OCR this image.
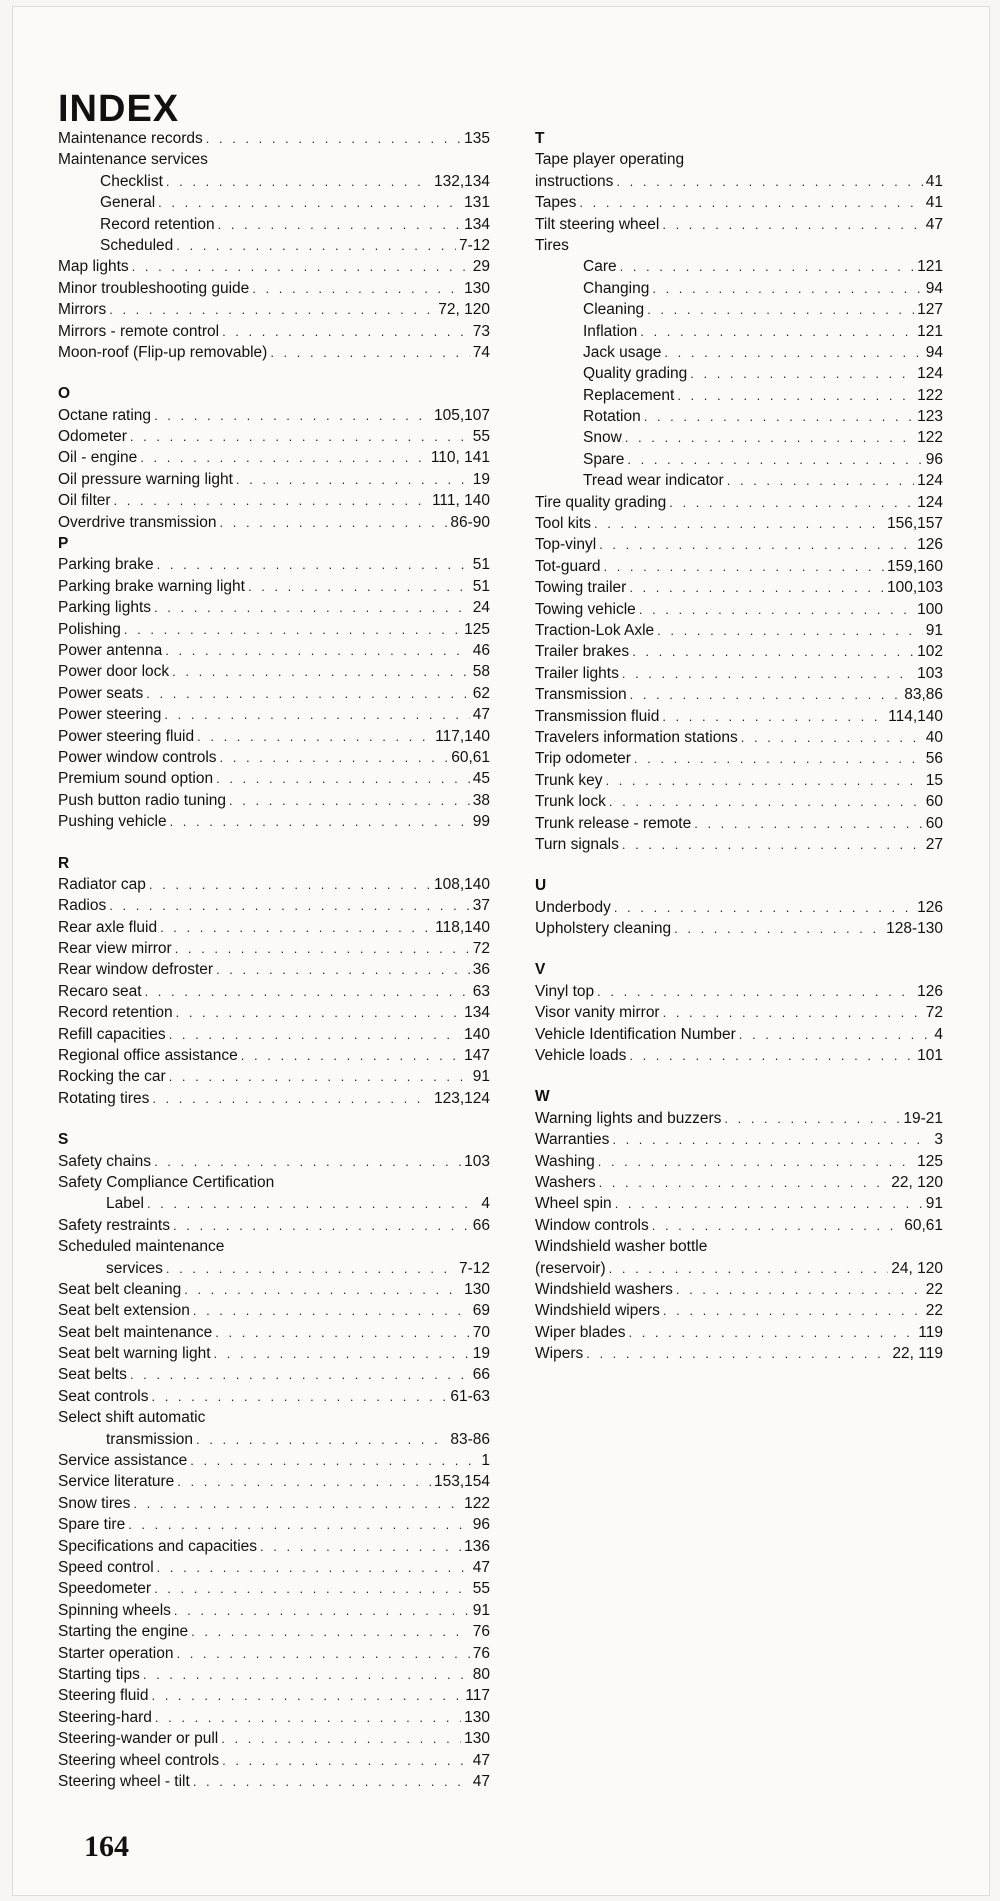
INDEX
Maintenance records . . .	135
Maintenance services
Checklist . . .	132,134
General . . .	131
Record retention . . .	134
Scheduled . . .	7-12
Map lights . . .	29
Minor troubleshooting guide . . .	130
Mirrors . . .	72, 120
Mirrors - remote control . . .	73
Moon-roof (Flip-up removable) . . .	74
O
Octane rating . . .	105,107
Odometer . . .	55
Oil - engine . . .	110, 141
Oil pressure warning light . . .	19
Oil filter . . .	111, 140
Overdrive transmission . . .	86-90
P
Parking brake . . .	51
Parking brake warning light . . .	51
Parking lights . . .	24
Polishing . . .	125
Power antenna . . .	46
Power door lock . . .	58
Power seats . . .	62
Power steering . . .	47
Power steering fluid . . .	117,140
Power window controls . . .	60,61
Premium sound option . . .	45
Push button radio tuning . . .	38
Pushing vehicle . . .	99
R
Radiator cap . . .	108,140
Radios . . .	37
Rear axle fluid . . .	118,140
Rear view mirror . . .	72
Rear window defroster . . .	36
Recaro seat . . .	63
Record retention . . .	134
Refill capacities . . .	140
Regional office assistance . . .	147
Rocking the car . . .	91
Rotating tires . . .	123,124
S
Safety chains . . .	103
Safety Compliance Certification
Label . . .	4
Safety restraints . . .	66
Scheduled maintenance
services . . .	7-12
Seat belt cleaning . . .	130
Seat belt extension . . .	69
Seat belt maintenance . . .	70
Seat belt warning light . . .	19
Seat belts . . .	66
Seat controls . . .	61-63
Select shift automatic
transmission . . .	83-86
Service assistance . . .	1
Service literature . . .	153,154
Snow tires . . .	122
Spare tire . . .	96
Specifications and capacities . . .	136
Speed control . . .	47
Speedometer . . .	55
Spinning wheels . . .	91
Starting the engine . . .	76
Starter operation . . .	76
Starting tips . . .	80
Steering fluid . . .	117
Steering-hard . . .	130
Steering-wander or pull . . .	130
Steering wheel controls . . .	47
Steering wheel - tilt . . .	47
T
Tape player operating
instructions . . .	41
Tapes . . .	41
Tilt steering wheel . . .	47
Tires
Care . . .	121
Changing . . .	94
Cleaning . . .	127
Inflation . . .	121
Jack usage . . .	94
Quality grading . . .	124
Replacement . . .	122
Rotation . . .	123
Snow . . .	122
Spare . . .	96
Tread wear indicator . . .	124
Tire quality grading . . .	124
Tool kits . . .	156,157
Top-vinyl . . .	126
Tot-guard . . .	159,160
Towing trailer . . .	100,103
Towing vehicle . . .	100
Traction-Lok Axle . . .	91
Trailer brakes . . .	102
Trailer lights . . .	103
Transmission . . .	83,86
Transmission fluid . . .	114,140
Travelers information stations . . .	40
Trip odometer . . .	56
Trunk key . . .	15
Trunk lock . . .	60
Trunk release - remote . . .	60
Turn signals . . .	27
U
Underbody . . .	126
Upholstery cleaning . . .	128-130
V
Vinyl top . . .	126
Visor vanity mirror . . .	72
Vehicle Identification Number . . .	4
Vehicle loads . . .	101
W
Warning lights and buzzers . . .	19-21
Warranties . . .	3
Washing . . .	125
Washers . . .	22, 120
Wheel spin . . .	91
Window controls . . .	60,61
Windshield washer bottle
(reservoir) . . .	24, 120
Windshield washers . . .	22
Windshield wipers . . .	22
Wiper blades . . .	119
Wipers . . .	22, 119
164
